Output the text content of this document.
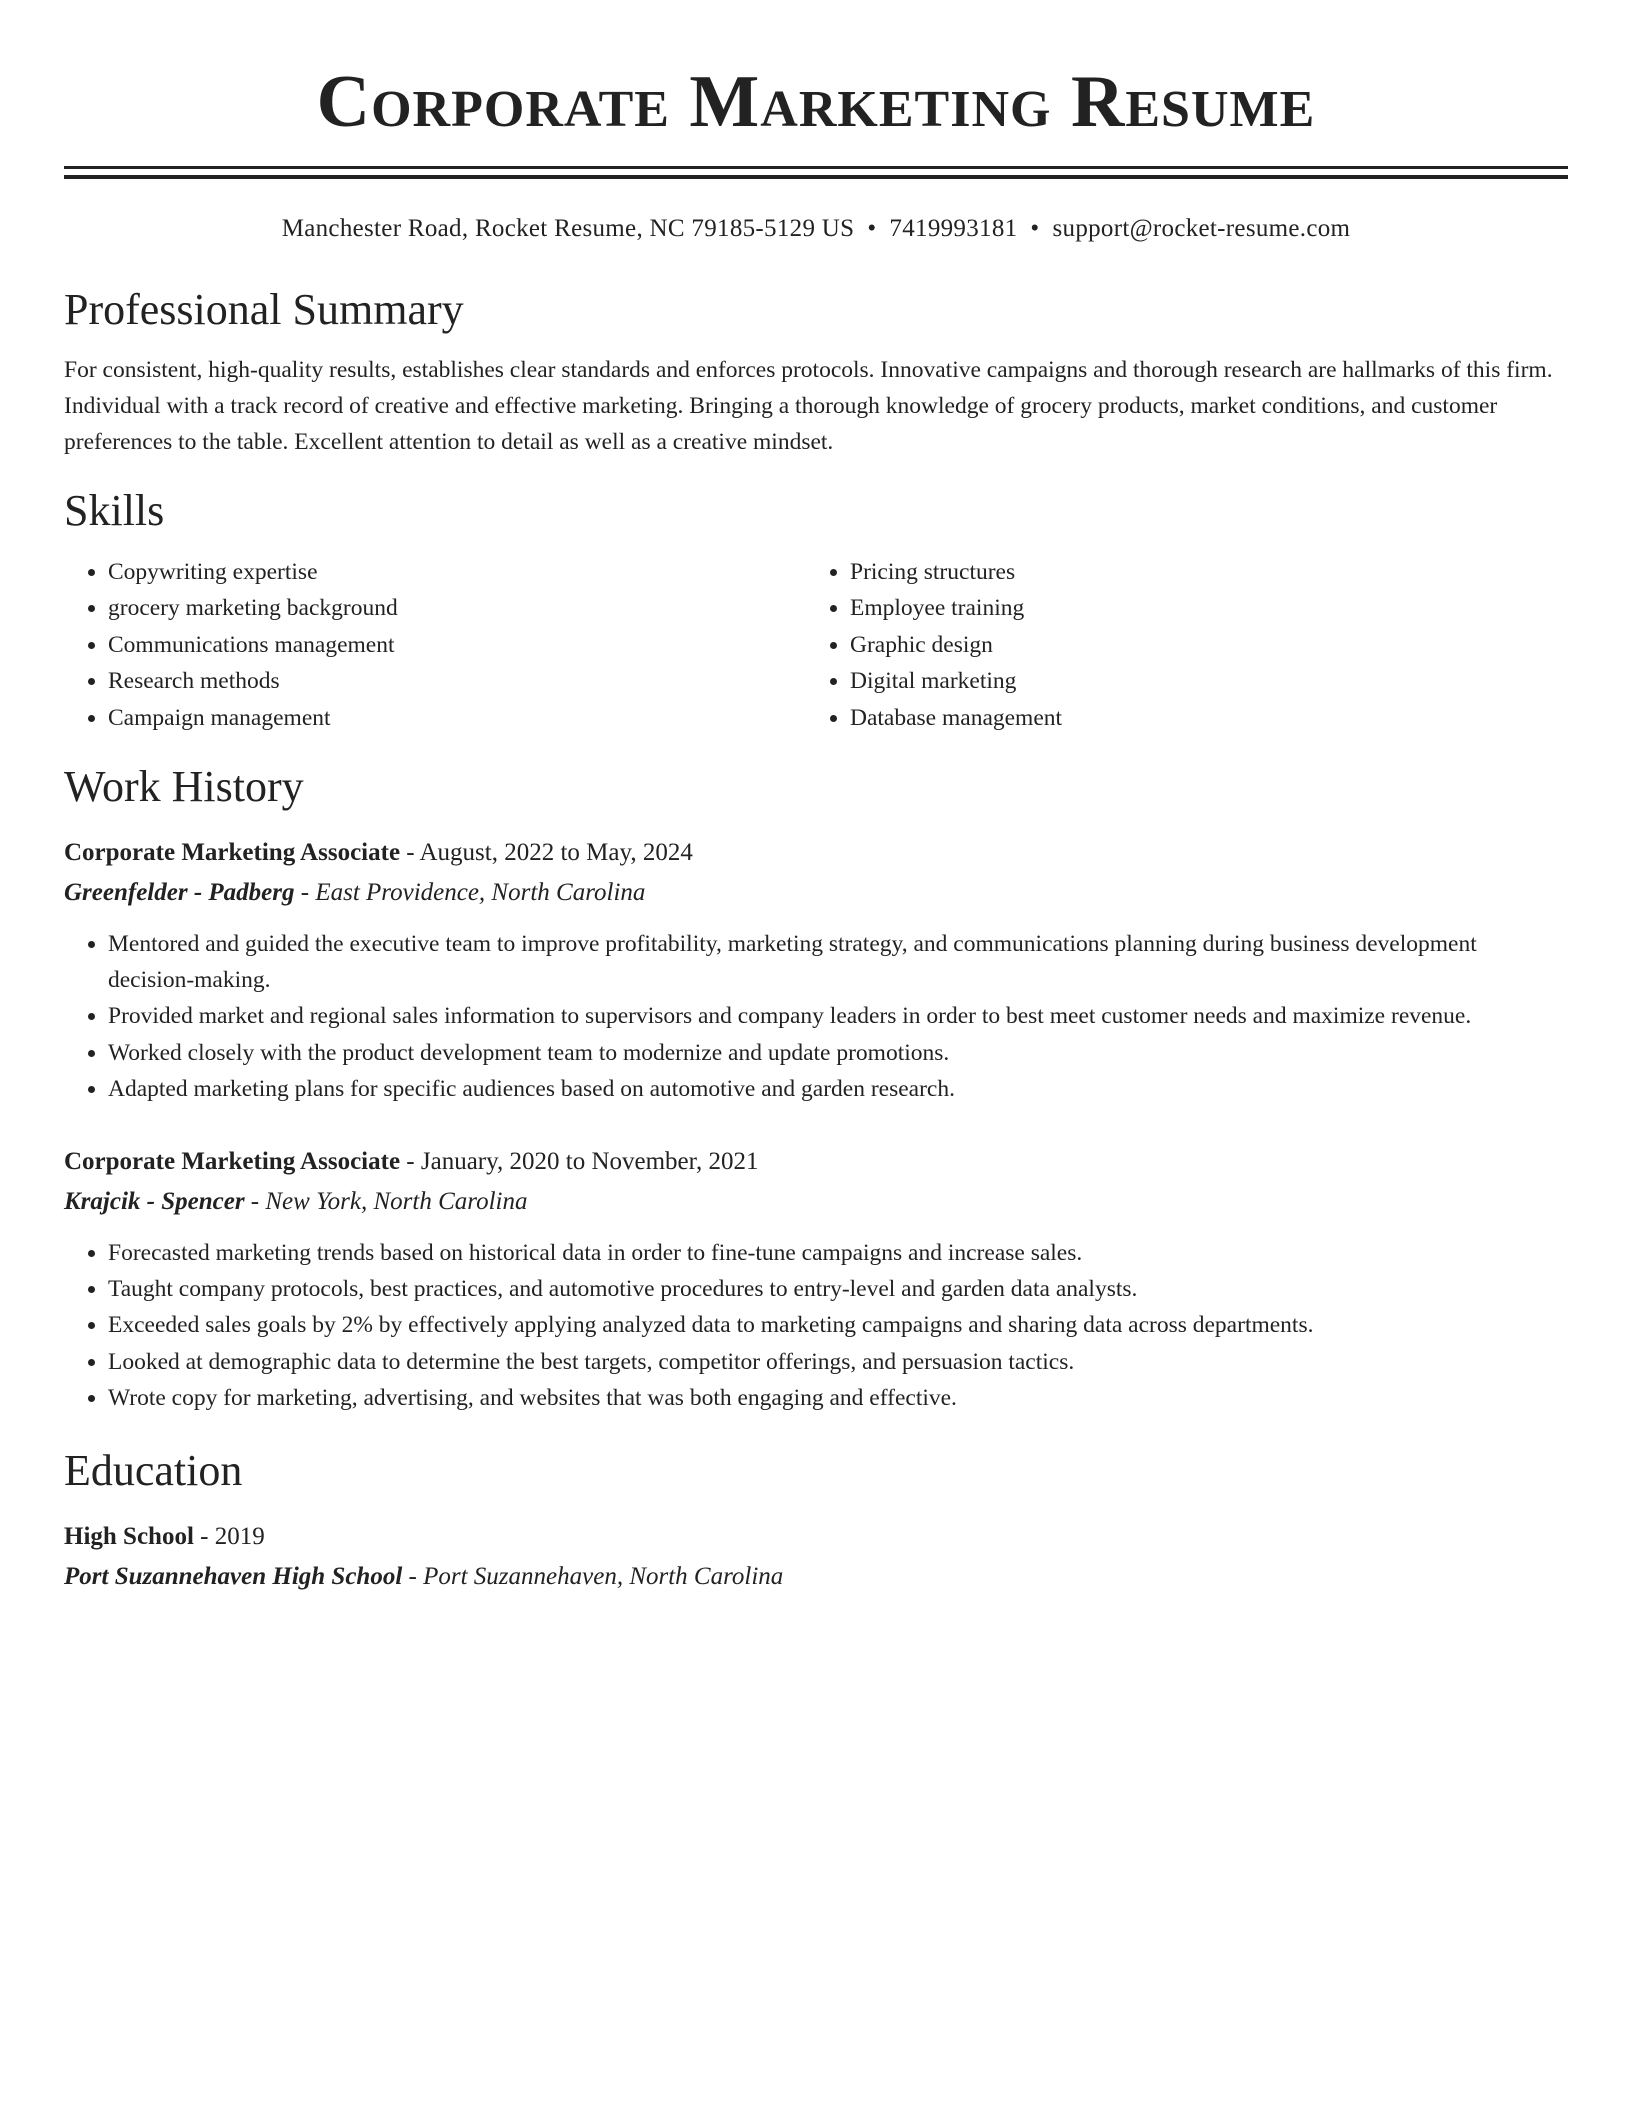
Corporate Marketing Resume
Manchester Road, Rocket Resume, NC 79185-5129 US • 7419993181 • support@rocket-resume.com
Professional Summary
For consistent, high-quality results, establishes clear standards and enforces protocols. Innovative campaigns and thorough research are hallmarks of this firm. Individual with a track record of creative and effective marketing. Bringing a thorough knowledge of grocery products, market conditions, and customer preferences to the table. Excellent attention to detail as well as a creative mindset.
Skills
• Copywriting expertise
• grocery marketing background
• Communications management
• Research methods
• Campaign management
• Pricing structures
• Employee training
• Graphic design
• Digital marketing
• Database management
Work History
Corporate Marketing Associate - August, 2022 to May, 2024
Greenfelder - Padberg - East Providence, North Carolina
• Mentored and guided the executive team to improve profitability, marketing strategy, and communications planning during business development decision-making.
• Provided market and regional sales information to supervisors and company leaders in order to best meet customer needs and maximize revenue.
• Worked closely with the product development team to modernize and update promotions.
• Adapted marketing plans for specific audiences based on automotive and garden research.
Corporate Marketing Associate - January, 2020 to November, 2021
Krajcik - Spencer - New York, North Carolina
• Forecasted marketing trends based on historical data in order to fine-tune campaigns and increase sales.
• Taught company protocols, best practices, and automotive procedures to entry-level and garden data analysts.
• Exceeded sales goals by 2% by effectively applying analyzed data to marketing campaigns and sharing data across departments.
• Looked at demographic data to determine the best targets, competitor offerings, and persuasion tactics.
• Wrote copy for marketing, advertising, and websites that was both engaging and effective.
Education
High School - 2019
Port Suzannehaven High School - Port Suzannehaven, North Carolina
